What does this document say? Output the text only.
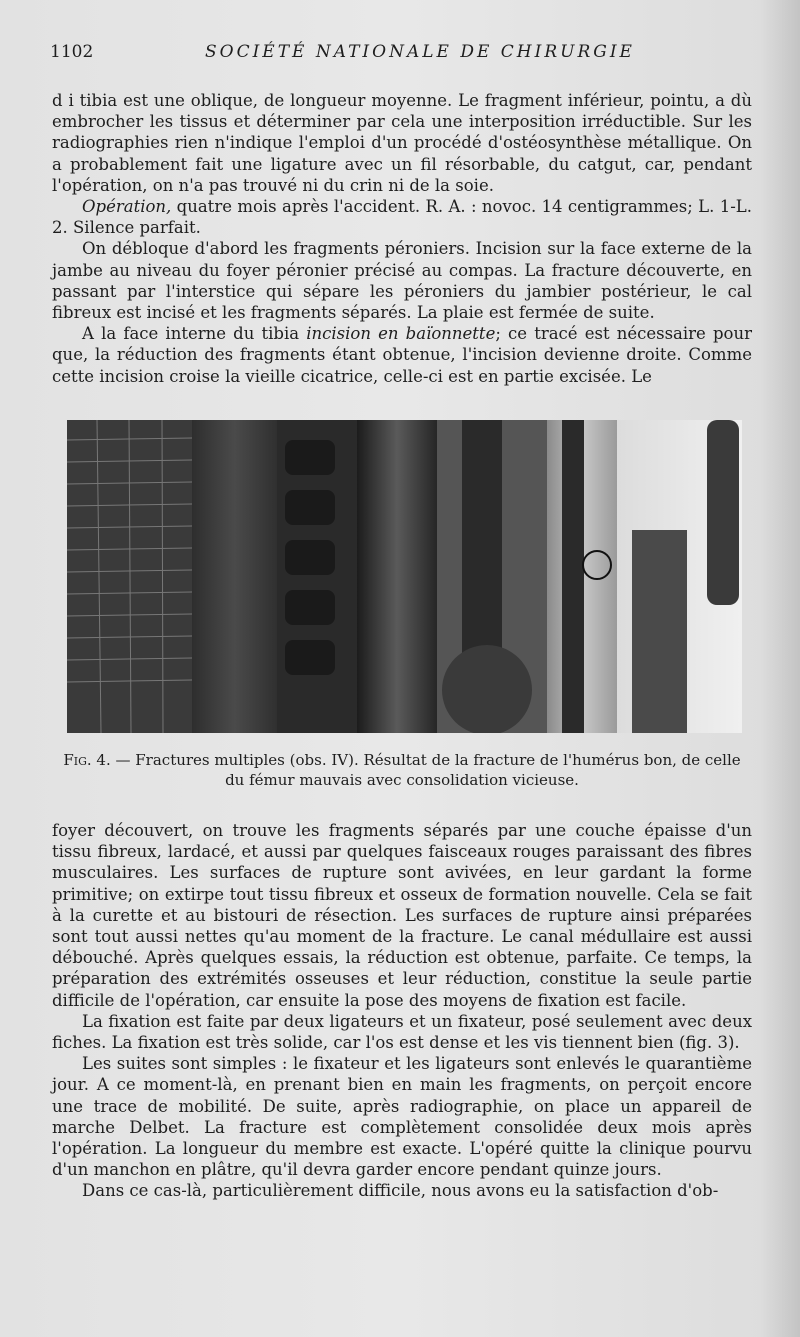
1102	SOCIÉTÉ NATIONALE DE CHIRURGIE

d i tibia est une oblique, de longueur moyenne. Le fragment inférieur, pointu, a dù embrocher les tissus et déterminer par cela une interposition irréductible. Sur les radiographies rien n'indique l'emploi d'un procédé d'ostéosynthèse métallique. On a probablement fait une ligature avec un fil résorbable, du catgut, car, pendant l'opération, on n'a pas trouvé ni du crin ni de la soie.

Opération, quatre mois après l'accident. R. A. : novoc. 14 centigrammes; L. 1-L. 2. Silence parfait.

On débloque d'abord les fragments péroniers. Incision sur la face externe de la jambe au niveau du foyer péronier précisé au compas. La fracture découverte, en passant par l'interstice qui sépare les péroniers du jambier postérieur, le cal fibreux est incisé et les fragments séparés. La plaie est fermée de suite.

A la face interne du tibia incision en baïonnette; ce tracé est nécessaire pour que, la réduction des fragments étant obtenue, l'incision devienne droite. Comme cette incision croise la vieille cicatrice, celle-ci est en partie excisée. Le

Fig. 4. — Fractures multiples (obs. IV). Résultat de la fracture de l'humérus bon, de celle du fémur mauvais avec consolidation vicieuse.

foyer découvert, on trouve les fragments séparés par une couche épaisse d'un tissu fibreux, lardacé, et aussi par quelques faisceaux rouges paraissant des fibres musculaires. Les surfaces de rupture sont avivées, en leur gardant la forme primitive; on extirpe tout tissu fibreux et osseux de formation nouvelle. Cela se fait à la curette et au bistouri de résection. Les surfaces de rupture ainsi préparées sont tout aussi nettes qu'au moment de la fracture. Le canal médullaire est aussi débouché. Après quelques essais, la réduction est obtenue, parfaite. Ce temps, la préparation des extrémités osseuses et leur réduction, constitue la seule partie difficile de l'opération, car ensuite la pose des moyens de fixation est facile.

La fixation est faite par deux ligateurs et un fixateur, posé seulement avec deux fiches. La fixation est très solide, car l'os est dense et les vis tiennent bien (fig. 3).

Les suites sont simples : le fixateur et les ligateurs sont enlevés le quarantième jour. A ce moment-là, en prenant bien en main les fragments, on perçoit encore une trace de mobilité. De suite, après radiographie, on place un appareil de marche Delbet. La fracture est complètement consolidée deux mois après l'opération. La longueur du membre est exacte. L'opéré quitte la clinique pourvu d'un manchon en plâtre, qu'il devra garder encore pendant quinze jours.

Dans ce cas-là, particulièrement difficile, nous avons eu la satisfaction d'ob-
